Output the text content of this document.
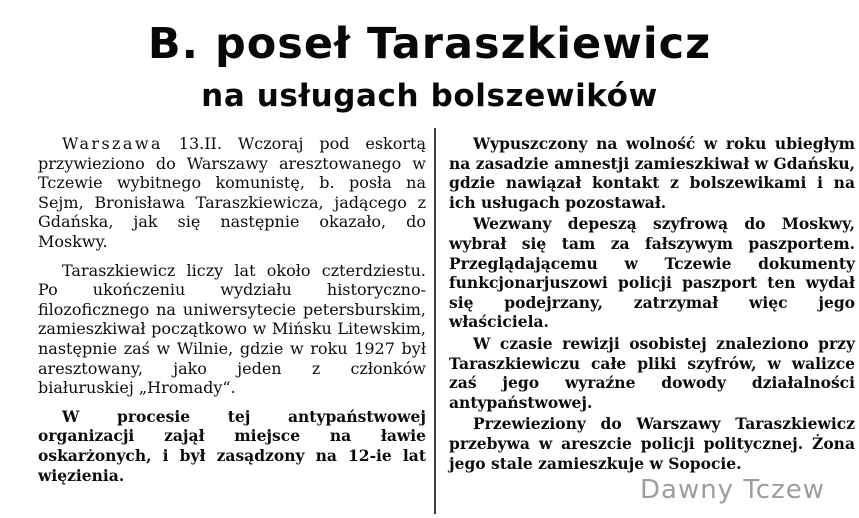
B. poseł Taraszkiewicz
na usługach bolszewików

Warszawa 13.II. Wczoraj pod eskortą przywieziono do Warszawy aresztowanego w Tczewie wybitnego komunistę, b. posła na Sejm, Bronisława Taraszkiewicza, jadącego z Gdańska, jak się następnie okazało, do Moskwy.

Taraszkiewicz liczy lat około czterdziestu. Po ukończeniu wydziału historyczno-filozoficznego na uniwersytecie petersburskim, zamieszkiwał początkowo w Mińsku Litewskim, następnie zaś w Wilnie, gdzie w roku 1927 był aresztowany, jako jeden z członków białuruskiej „Hromady“.

W procesie tej antypaństwowej organizacji zajął miejsce na ławie oskarżonych, i był zasądzony na 12-ie lat więzienia.

Wypuszczony na wolność w roku ubiegłym na zasadzie amnestji zamieszkiwał w Gdańsku, gdzie nawiązał kontakt z bolszewikami i na ich usługach pozostawał.

Wezwany depeszą szyfrową do Moskwy, wybrał się tam za fałszywym paszportem. Przeglądającemu w Tczewie dokumenty funkcjonarjuszowi policji paszport ten wydał się podejrzany, zatrzymał więc jego właściciela.

W czasie rewizji osobistej znaleziono przy Taraszkiewiczu całe pliki szyfrów, w walizce zaś jego wyraźne dowody działalności antypaństwowej.

Przewieziony do Warszawy Taraszkiewicz przebywa w areszcie policji politycznej. Żona jego stale zamieszkuje w Sopocie.

Dawny Tczew
